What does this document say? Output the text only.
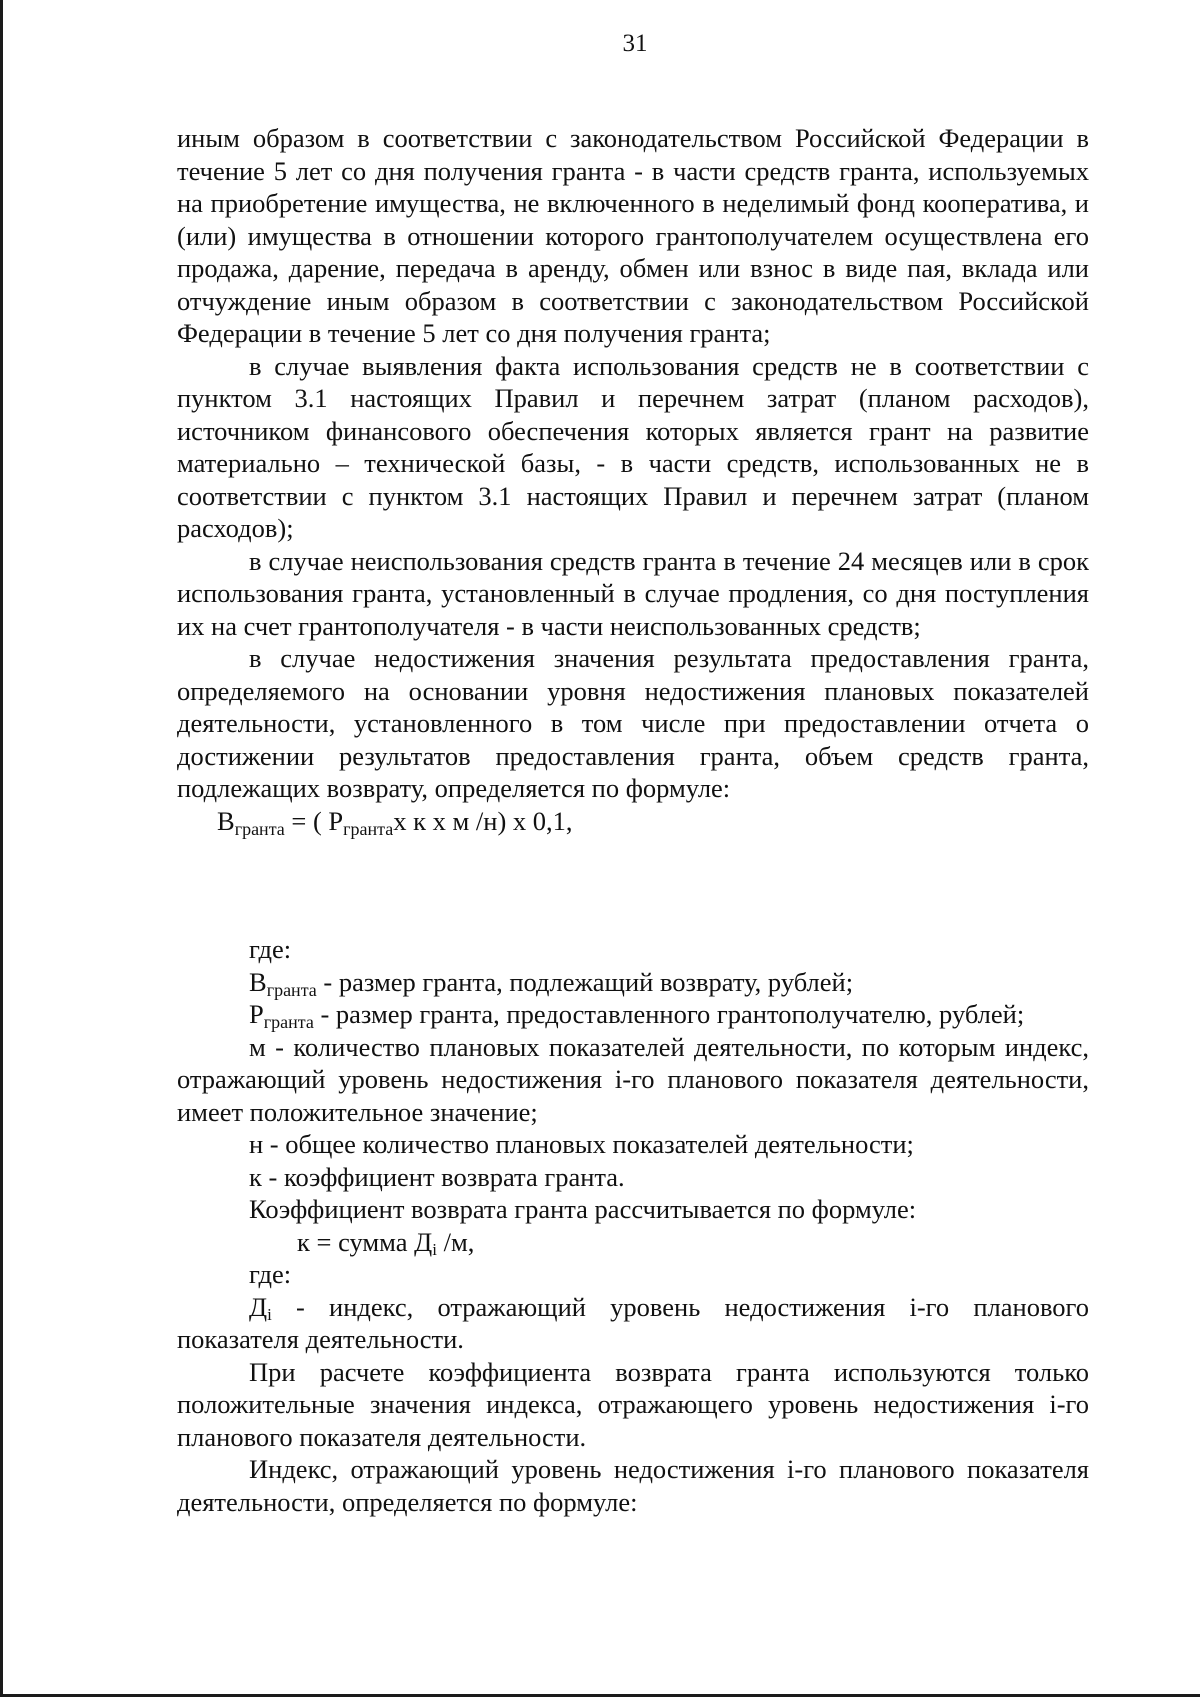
31

иным образом в соответствии с законодательством Российской Федерации в течение 5 лет со дня получения гранта - в части средств гранта, используемых на приобретение имущества, не включенного в неделимый фонд кооператива, и (или) имущества в отношении которого грантополучателем осуществлена его продажа, дарение, передача в аренду, обмен или взнос в виде пая, вклада или отчуждение иным образом в соответствии с законодательством Российской Федерации в течение 5 лет со дня получения гранта;

в случае выявления факта использования средств не в соответствии с пунктом 3.1 настоящих Правил и перечнем затрат (планом расходов), источником финансового обеспечения которых является грант на развитие материально – технической базы, - в части средств, использованных не в соответствии с пунктом 3.1 настоящих Правил и перечнем затрат (планом расходов);

в случае неиспользования средств гранта в течение 24 месяцев или в срок использования гранта, установленный в случае продления, со дня поступления их на счет грантополучателя - в части неиспользованных средств;

в случае недостижения значения результата предоставления гранта, определяемого на основании уровня недостижения плановых показателей деятельности, установленного в том числе при предоставлении отчета о достижении результатов предоставления гранта, объем средств гранта, подлежащих возврату, определяется по формуле:

$В_{гранта}$ = ( $Р_{гранта}х$ к х м /н) х 0,1,

где:

$В_{гранта}$ - размер гранта, подлежащий возврату, рублей;

$Р_{гранта}$ - размер гранта, предоставленного грантополучателю, рублей;

м - количество плановых показателей деятельности, по которым индекс, отражающий уровень недостижения i-го планового показателя деятельности, имеет положительное значение;

н - общее количество плановых показателей деятельности;

к - коэффициент возврата гранта.

Коэффициент возврата гранта рассчитывается по формуле:

к = сумма $Д_i$ /м,

где:

$Д_i$ - индекс, отражающий уровень недостижения i-го планового показателя деятельности.

При расчете коэффициента возврата гранта используются только положительные значения индекса, отражающего уровень недостижения i-го планового показателя деятельности.

Индекс, отражающий уровень недостижения i-го планового показателя деятельности, определяется по формуле:
